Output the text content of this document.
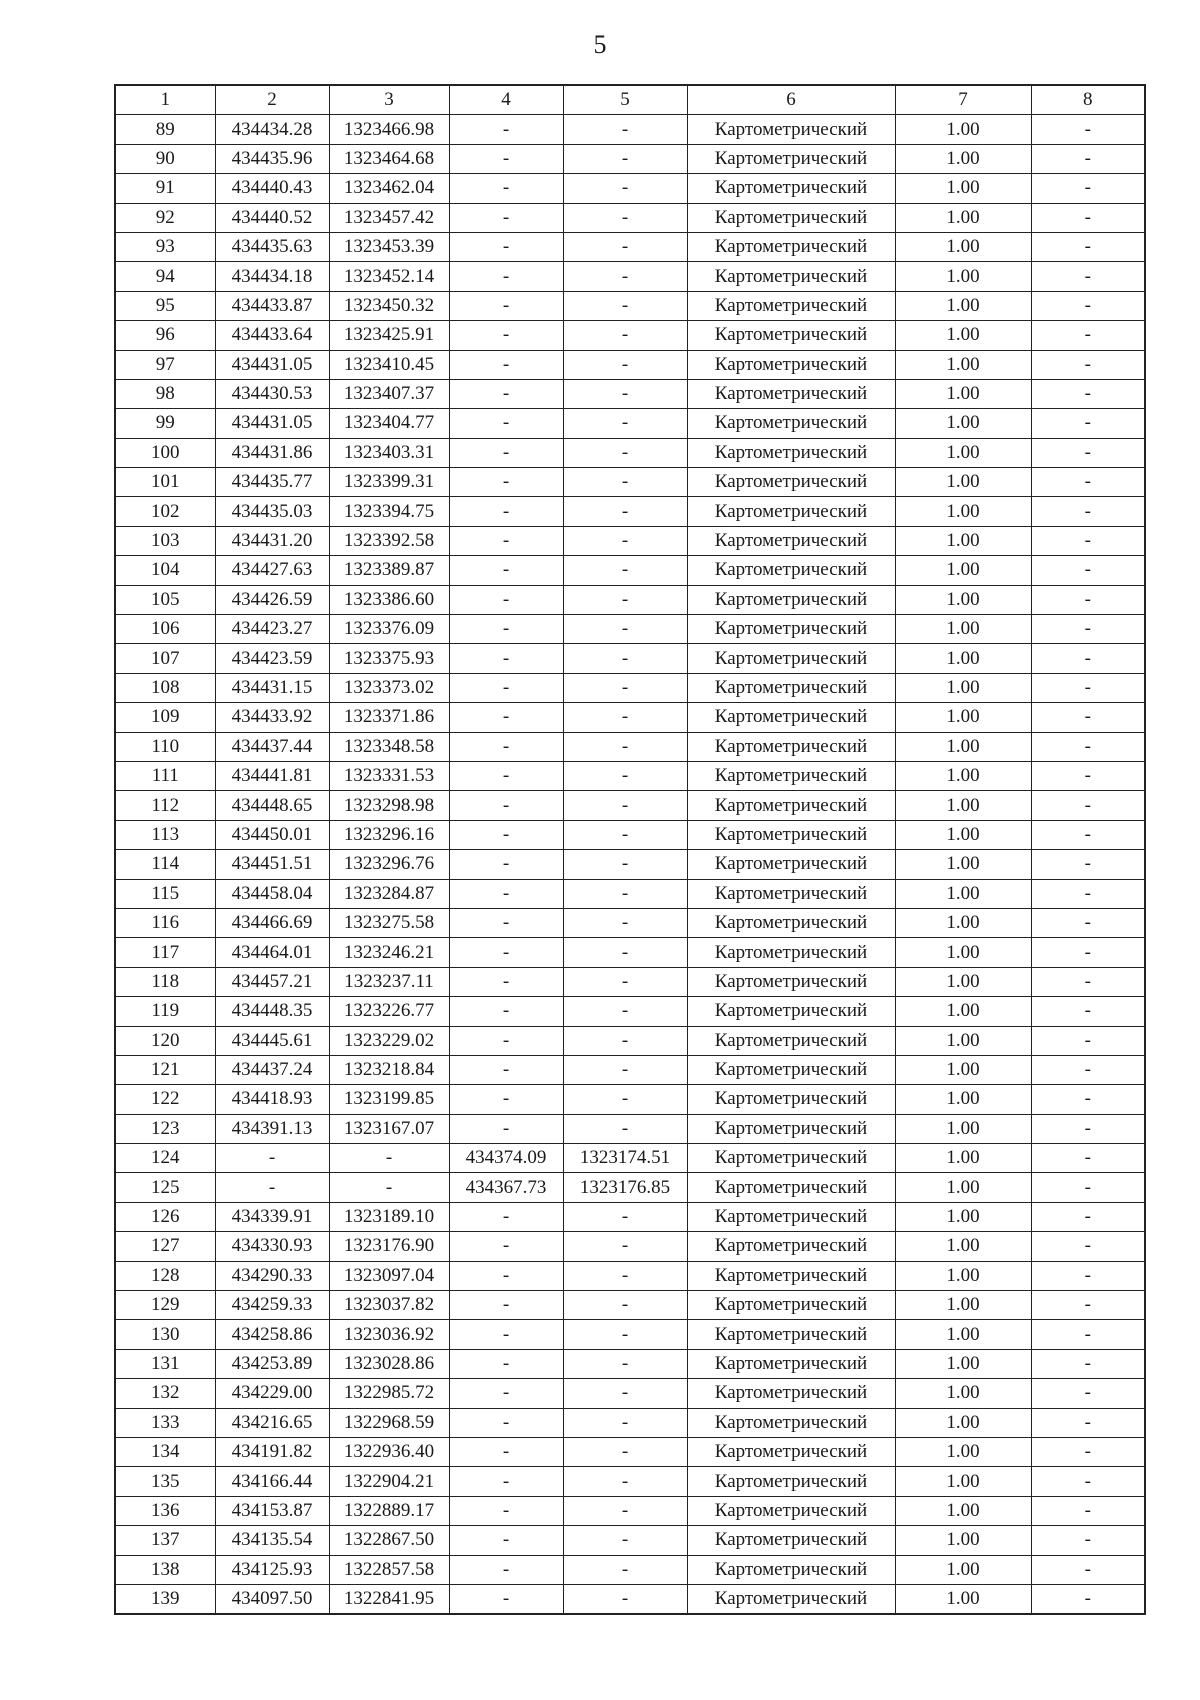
5
1	2	3	4	5	6	7	8
89	434434.28	1323466.98	-	-	Картометрический	1.00	-
90	434435.96	1323464.68	-	-	Картометрический	1.00	-
91	434440.43	1323462.04	-	-	Картометрический	1.00	-
92	434440.52	1323457.42	-	-	Картометрический	1.00	-
93	434435.63	1323453.39	-	-	Картометрический	1.00	-
94	434434.18	1323452.14	-	-	Картометрический	1.00	-
95	434433.87	1323450.32	-	-	Картометрический	1.00	-
96	434433.64	1323425.91	-	-	Картометрический	1.00	-
97	434431.05	1323410.45	-	-	Картометрический	1.00	-
98	434430.53	1323407.37	-	-	Картометрический	1.00	-
99	434431.05	1323404.77	-	-	Картометрический	1.00	-
100	434431.86	1323403.31	-	-	Картометрический	1.00	-
101	434435.77	1323399.31	-	-	Картометрический	1.00	-
102	434435.03	1323394.75	-	-	Картометрический	1.00	-
103	434431.20	1323392.58	-	-	Картометрический	1.00	-
104	434427.63	1323389.87	-	-	Картометрический	1.00	-
105	434426.59	1323386.60	-	-	Картометрический	1.00	-
106	434423.27	1323376.09	-	-	Картометрический	1.00	-
107	434423.59	1323375.93	-	-	Картометрический	1.00	-
108	434431.15	1323373.02	-	-	Картометрический	1.00	-
109	434433.92	1323371.86	-	-	Картометрический	1.00	-
110	434437.44	1323348.58	-	-	Картометрический	1.00	-
111	434441.81	1323331.53	-	-	Картометрический	1.00	-
112	434448.65	1323298.98	-	-	Картометрический	1.00	-
113	434450.01	1323296.16	-	-	Картометрический	1.00	-
114	434451.51	1323296.76	-	-	Картометрический	1.00	-
115	434458.04	1323284.87	-	-	Картометрический	1.00	-
116	434466.69	1323275.58	-	-	Картометрический	1.00	-
117	434464.01	1323246.21	-	-	Картометрический	1.00	-
118	434457.21	1323237.11	-	-	Картометрический	1.00	-
119	434448.35	1323226.77	-	-	Картометрический	1.00	-
120	434445.61	1323229.02	-	-	Картометрический	1.00	-
121	434437.24	1323218.84	-	-	Картометрический	1.00	-
122	434418.93	1323199.85	-	-	Картометрический	1.00	-
123	434391.13	1323167.07	-	-	Картометрический	1.00	-
124	-	-	434374.09	1323174.51	Картометрический	1.00	-
125	-	-	434367.73	1323176.85	Картометрический	1.00	-
126	434339.91	1323189.10	-	-	Картометрический	1.00	-
127	434330.93	1323176.90	-	-	Картометрический	1.00	-
128	434290.33	1323097.04	-	-	Картометрический	1.00	-
129	434259.33	1323037.82	-	-	Картометрический	1.00	-
130	434258.86	1323036.92	-	-	Картометрический	1.00	-
131	434253.89	1323028.86	-	-	Картометрический	1.00	-
132	434229.00	1322985.72	-	-	Картометрический	1.00	-
133	434216.65	1322968.59	-	-	Картометрический	1.00	-
134	434191.82	1322936.40	-	-	Картометрический	1.00	-
135	434166.44	1322904.21	-	-	Картометрический	1.00	-
136	434153.87	1322889.17	-	-	Картометрический	1.00	-
137	434135.54	1322867.50	-	-	Картометрический	1.00	-
138	434125.93	1322857.58	-	-	Картометрический	1.00	-
139	434097.50	1322841.95	-	-	Картометрический	1.00	-
